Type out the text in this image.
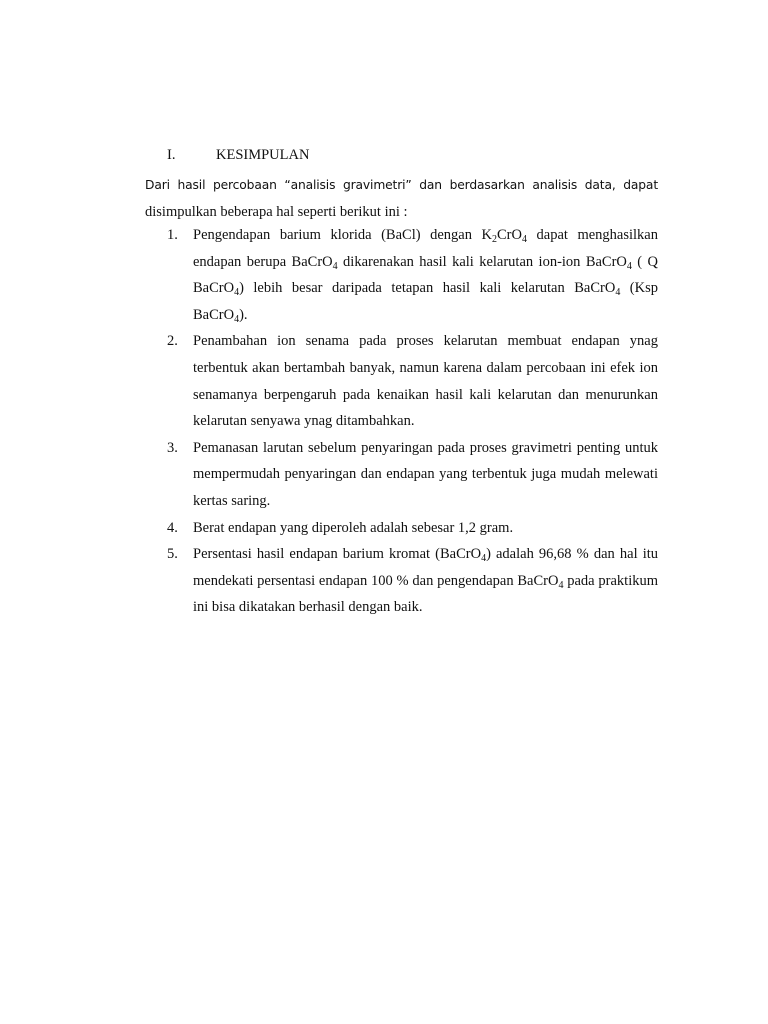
I.	KESIMPULAN
Dari hasil percobaan “analisis gravimetri” dan berdasarkan analisis data, dapat
disimpulkan beberapa hal seperti berikut ini :
1. Pengendapan barium klorida (BaCl) dengan $K_2CrO_4$ dapat menghasilkan endapan berupa BaCrO$_4$ dikarenakan hasil kali kelarutan ion-ion BaCrO$_4$ ( Q BaCrO$_4$) lebih besar daripada tetapan hasil kali kelarutan BaCrO$_4$ (Ksp BaCrO$_4$).
2. Penambahan ion senama pada proses kelarutan membuat endapan ynag terbentuk akan bertambah banyak, namun karena dalam percobaan ini efek ion senamanya berpengaruh pada kenaikan hasil kali kelarutan dan menurunkan kelarutan senyawa ynag ditambahkan.
3. Pemanasan larutan sebelum penyaringan pada proses gravimetri penting untuk mempermudah penyaringan dan endapan yang terbentuk juga mudah melewati kertas saring.
4. Berat endapan yang diperoleh adalah sebesar 1,2 gram.
5. Persentasi hasil endapan barium kromat (BaCrO$_4$) adalah 96,68 % dan hal itu mendekati persentasi endapan 100 % dan pengendapan BaCrO$_4$ pada praktikum ini bisa dikatakan berhasil dengan baik.
